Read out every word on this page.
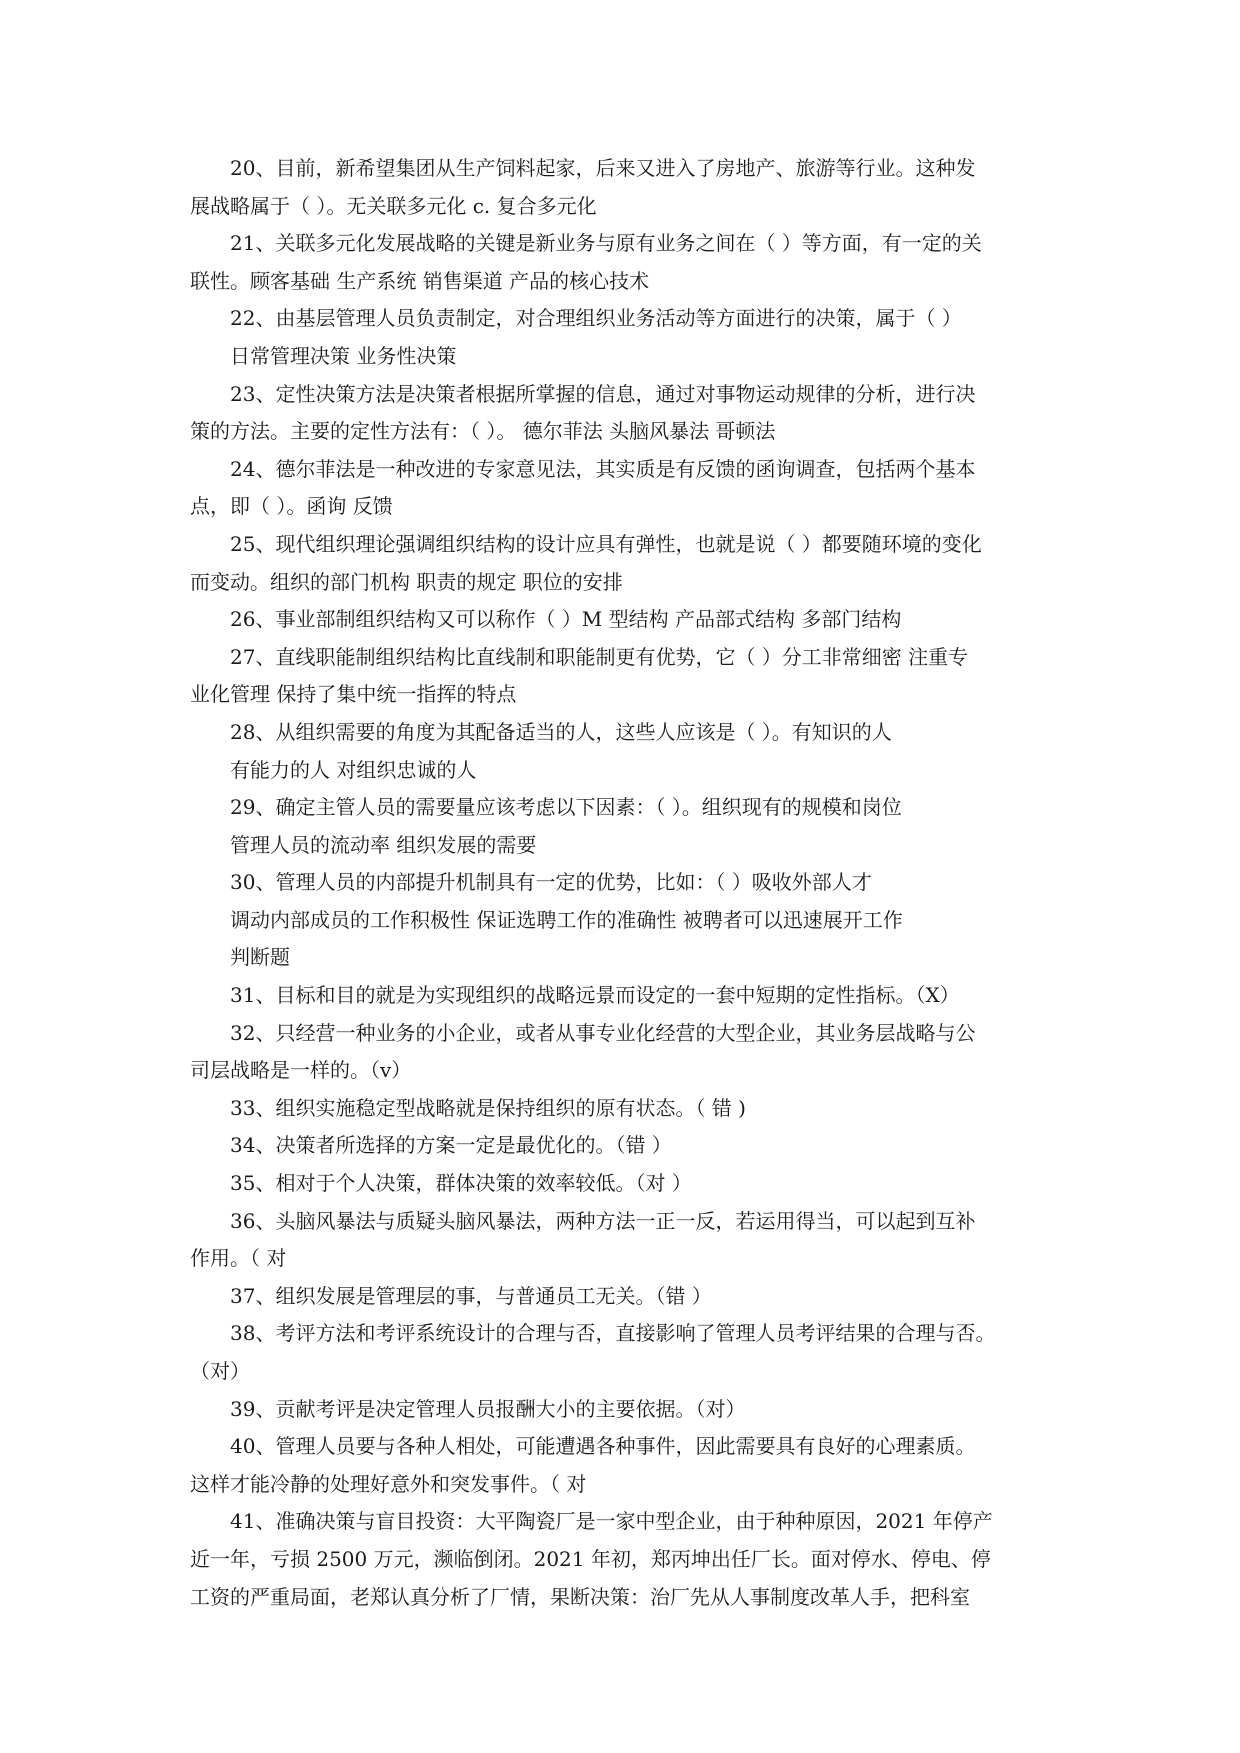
20、目前，新希望集团从生产饲料起家，后来又进入了房地产、旅游等行业。这种发

展战略属于（ ）。无关联多元化 c. 复合多元化

21、关联多元化发展战略的关键是新业务与原有业务之间在（ ）等方面，有一定的关

联性。顾客基础 生产系统 销售渠道 产品的核心技术

22、由基层管理人员负责制定，对合理组织业务活动等方面进行的决策，属于（ ）

日常管理决策 业务性决策

23、定性决策方法是决策者根据所掌握的信息，通过对事物运动规律的分析，进行决

策的方法。主要的定性方法有：（ ）。 德尔菲法 头脑风暴法 哥顿法

24、德尔菲法是一种改进的专家意见法，其实质是有反馈的函询调查，包括两个基本

点，即（ ）。函询 反馈

25、现代组织理论强调组织结构的设计应具有弹性，也就是说（ ）都要随环境的变化

而变动。组织的部门机构 职责的规定 职位的安排

26、事业部制组织结构又可以称作（ ）M 型结构 产品部式结构 多部门结构

27、直线职能制组织结构比直线制和职能制更有优势，它（ ）分工非常细密 注重专

业化管理 保持了集中统一指挥的特点

28、从组织需要的角度为其配备适当的人，这些人应该是（ ）。有知识的人

有能力的人 对组织忠诚的人

29、确定主管人员的需要量应该考虑以下因素：（ ）。组织现有的规模和岗位

管理人员的流动率 组织发展的需要

30、管理人员的内部提升机制具有一定的优势，比如：（ ）吸收外部人才

调动内部成员的工作积极性 保证选聘工作的准确性 被聘者可以迅速展开工作

判断题

31、目标和目的就是为实现组织的战略远景而设定的一套中短期的定性指标。（X）

32、只经营一种业务的小企业，或者从事专业化经营的大型企业，其业务层战略与公

司层战略是一样的。（v）

33、组织实施稳定型战略就是保持组织的原有状态。（ 错 )

34、决策者所选择的方案一定是最优化的。（错 ）

35、相对于个人决策，群体决策的效率较低。（对 ）

36、头脑风暴法与质疑头脑风暴法，两种方法一正一反，若运用得当，可以起到互补

作用。（ 对

37、组织发展是管理层的事，与普通员工无关。（错 ）

38、考评方法和考评系统设计的合理与否，直接影响了管理人员考评结果的合理与否。

（对）

39、贡献考评是决定管理人员报酬大小的主要依据。（对）

40、管理人员要与各种人相处，可能遭遇各种事件，因此需要具有良好的心理素质。

这样才能冷静的处理好意外和突发事件。（ 对

41、准确决策与盲目投资：大平陶瓷厂是一家中型企业，由于种种原因，2021 年停产

近一年，亏损 2500 万元，濒临倒闭。2021 年初，郑丙坤出任厂长。面对停水、停电、停

工资的严重局面，老郑认真分析了厂情，果断决策：治厂先从人事制度改革人手，把科室
